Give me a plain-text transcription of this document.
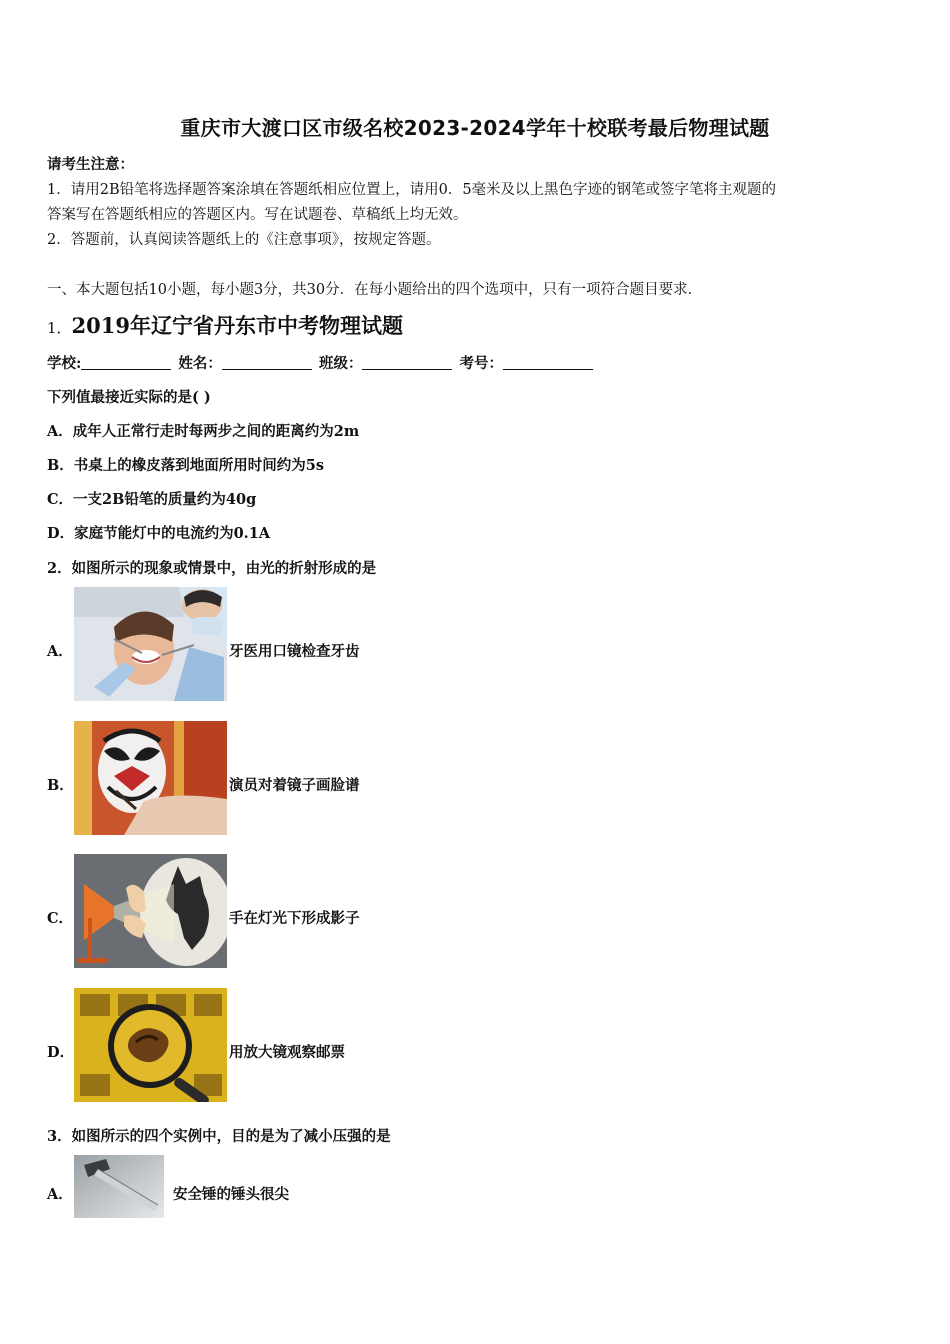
重庆市大渡口区市级名校2023-2024学年十校联考最后物理试题
请考生注意：
1．请用2B铅笔将选择题答案涂填在答题纸相应位置上，请用0．5毫米及以上黑色字迹的钢笔或签字笔将主观题的
答案写在答题纸相应的答题区内。写在试题卷、草稿纸上均无效。
2．答题前，认真阅读答题纸上的《注意事项》，按规定答题。
一、本大题包括10小题，每小题3分，共30分．在每小题给出的四个选项中，只有一项符合题目要求．
1．2019年辽宁省丹东市中考物理试题
学校:	姓名：	班级：	考号：
下列值最接近实际的是( )
A．成年人正常行走时每两步之间的距离约为2m
B．书桌上的橡皮落到地面所用时间约为5s
C．一支2B铅笔的质量约为40g
D．家庭节能灯中的电流约为0.1A
2．如图所示的现象或情景中，由光的折射形成的是
A．	牙医用口镜检查牙齿
B．	演员对着镜子画脸谱
C．	手在灯光下形成影子
D．	用放大镜观察邮票
3．如图所示的四个实例中，目的是为了减小压强的是
A．	安全锤的锤头很尖
